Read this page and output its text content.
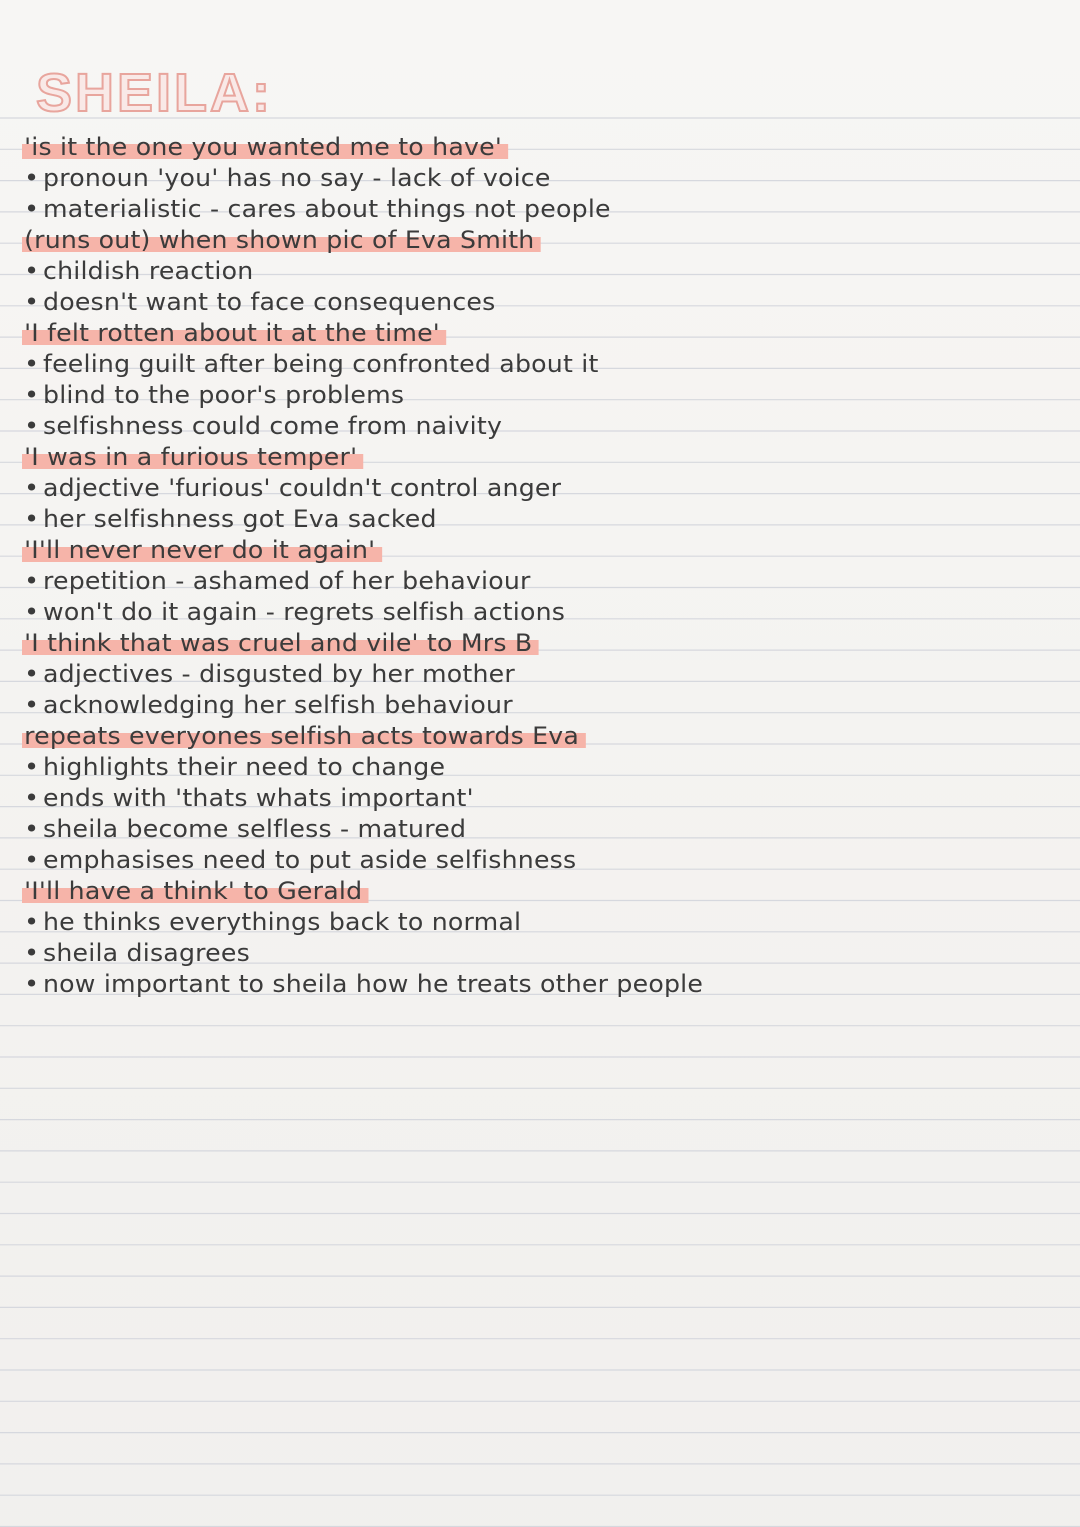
SHEILA:
'is it the one you wanted me to have'
• pronoun 'you' has no say - lack of voice
• materialistic - cares about things not people
(runs out) when shown pic of Eva Smith
• childish reaction
• doesn't want to face consequences
'I felt rotten about it at the time'
• feeling guilt after being confronted about it
• blind to the poor's problems
• selfishness could come from naivity
'I was in a furious temper'
• adjective 'furious' couldn't control anger
• her selfishness got Eva sacked
'I'll never never do it again'
• repetition - ashamed of her behaviour
• won't do it again - regrets selfish actions
'I think that was cruel and vile' to Mrs B
• adjectives - disgusted by her mother
• acknowledging her selfish behaviour
repeats everyones selfish acts towards Eva
• highlights their need to change
• ends with 'thats whats important'
• sheila become selfless - matured
• emphasises need to put aside selfishness
'I'll have a think' to Gerald
• he thinks everythings back to normal
• sheila disagrees
• now important to sheila how he treats other people
